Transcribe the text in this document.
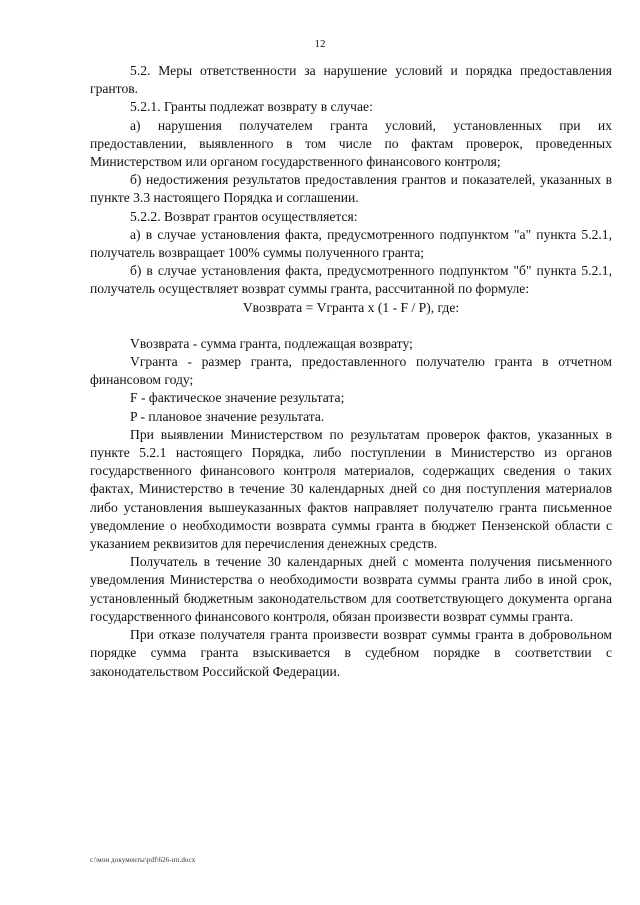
12

5.2. Меры ответственности за нарушение условий и порядка предоставления грантов.

5.2.1. Гранты подлежат возврату в случае:

а) нарушения получателем гранта условий, установленных при их предоставлении, выявленного в том числе по фактам проверок, проведенных Министерством или органом государственного финансового контроля;

б) недостижения результатов предоставления грантов и показателей, указанных в пункте 3.3 настоящего Порядка и соглашении.

5.2.2. Возврат грантов осуществляется:

а) в случае установления факта, предусмотренного подпунктом "а" пункта 5.2.1, получатель возвращает 100% суммы полученного гранта;

б) в случае установления факта, предусмотренного подпунктом "б" пункта 5.2.1, получатель осуществляет возврат суммы гранта, рассчитанной по формуле:

Vвозврата = Vгранта x (1 - F / P), где:

Vвозврата - сумма гранта, подлежащая возврату;

Vгранта - размер гранта, предоставленного получателю гранта в отчетном финансовом году;

F - фактическое значение результата;

P - плановое значение результата.

При выявлении Министерством по результатам проверок фактов, указанных в пункте 5.2.1 настоящего Порядка, либо поступлении в Министерство из органов государственного финансового контроля материалов, содержащих сведения о таких фактах, Министерство в течение 30 календарных дней со дня поступления материалов либо установления вышеуказанных фактов направляет получателю гранта письменное уведомление о необходимости возврата суммы гранта в бюджет Пензенской области с указанием реквизитов для перечисления денежных средств.

Получатель в течение 30 календарных дней с момента получения письменного уведомления Министерства о необходимости возврата суммы гранта либо в иной срок, установленный бюджетным законодательством для соответствующего документа органа государственного финансового контроля, обязан произвести возврат суммы гранта.

При отказе получателя гранта произвести возврат суммы гранта в добровольном порядке сумма гранта взыскивается в судебном порядке в соответствии с законодательством Российской Федерации.

c:\мои документы\pdf\626-пп.docx
